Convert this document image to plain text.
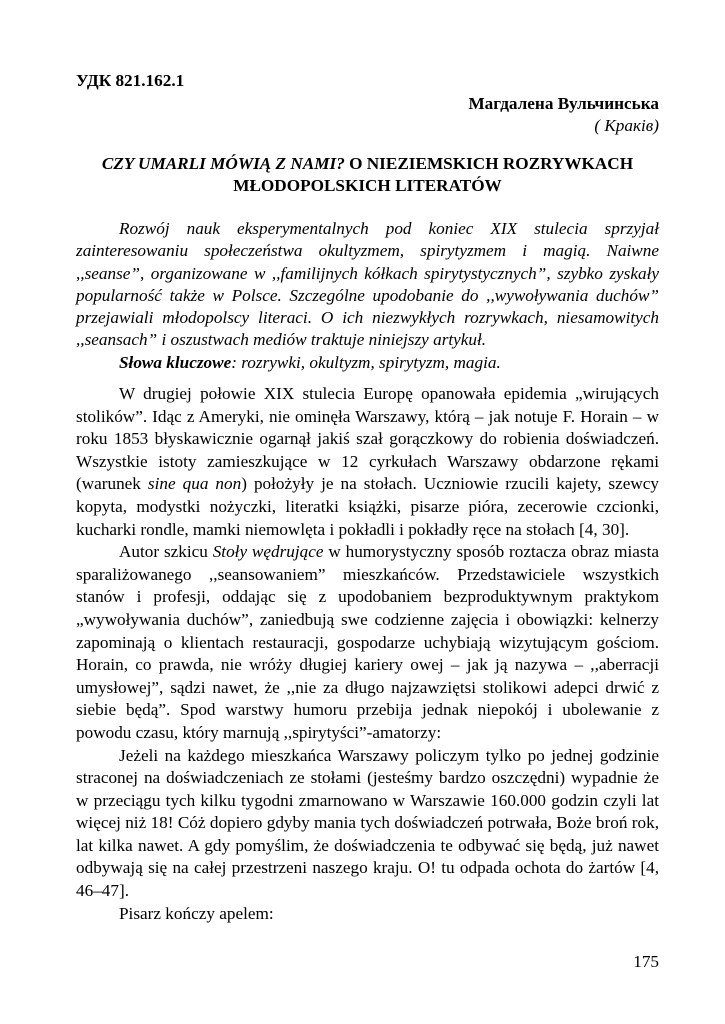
УДК 821.162.1
Магдалена Вульчинська
( Краків)
CZY UMARLI MÓWIĄ Z NAMI? O NIEZIEMSKICH ROZRYWKACH
MŁODOPOLSKICH LITERATÓW

Rozwój nauk eksperymentalnych pod koniec XIX stulecia sprzyjał zainteresowaniu społeczeństwa okultyzmem, spirytyzmem i magią. Naiwne ,,seanse”, organizowane w ,,familijnych kółkach spirytystycznych”, szybko zyskały popularność także w Polsce. Szczególne upodobanie do ,,wywoływania duchów” przejawiali młodopolscy literaci. O ich niezwykłych rozrywkach, niesamowitych ,,seansach” i oszustwach mediów traktuje niniejszy artykuł.

Słowa kluczowe: rozrywki, okultyzm, spirytyzm, magia.

W drugiej połowie XIX stulecia Europę opanowała epidemia „wirujących stolików”. Idąc z Ameryki, nie ominęła Warszawy, którą – jak notuje F. Horain – w roku 1853 błyskawicznie ogarnął jakiś szał gorączkowy do robienia doświadczeń. Wszystkie istoty zamieszkujące w 12 cyrkułach Warszawy obdarzone rękami (warunek sine qua non) położyły je na stołach. Uczniowie rzucili kajety, szewcy kopyta, modystki nożyczki, literatki książki, pisarze pióra, zecerowie czcionki, kucharki rondle, mamki niemowlęta i pokładli i pokładły ręce na stołach [4, 30].

Autor szkicu Stoły wędrujące w humorystyczny sposób roztacza obraz miasta sparaliżowanego ,,seansowaniem” mieszkańców. Przedstawiciele wszystkich stanów i profesji, oddając się z upodobaniem bezproduktywnym praktykom „wywoływania duchów”, zaniedbują swe codzienne zajęcia i obowiązki: kelnerzy zapominają o klientach restauracji, gospodarze uchybiają wizytującym gościom. Horain, co prawda, nie wróży długiej kariery owej – jak ją nazywa – ,,aberracji umysłowej”, sądzi nawet, że ,,nie za długo najzawziętsi stolikowi adepci drwić z siebie będą”. Spod warstwy humoru przebija jednak niepokój i ubolewanie z powodu czasu, który marnują ,,spirytyści”-amatorzy:

Jeżeli na każdego mieszkańca Warszawy policzym tylko po jednej godzinie straconej na doświadczeniach ze stołami (jesteśmy bardzo oszczędni) wypadnie że w przeciągu tych kilku tygodni zmarnowano w Warszawie 160.000 godzin czyli lat więcej niż 18! Cóż dopiero gdyby mania tych doświadczeń potrwała, Boże broń rok, lat kilka nawet. A gdy pomyślim, że doświadczenia te odbywać się będą, już nawet odbywają się na całej przestrzeni naszego kraju. O! tu odpada ochota do żartów [4, 46–47].

Pisarz kończy apelem:

175
